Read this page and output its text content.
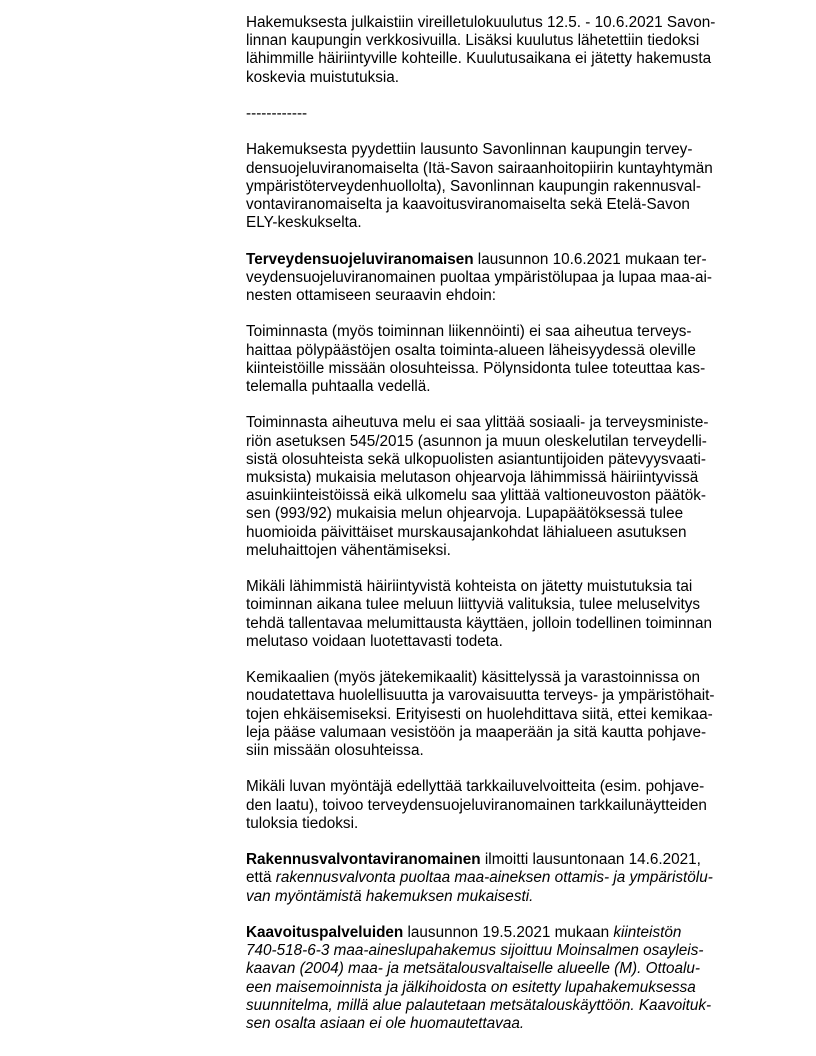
Hakemuksesta julkaistiin vireilletulokuulutus 12.5. - 10.6.2021 Savon-
linnan kaupungin verkkosivuilla. Lisäksi kuulutus lähetettiin tiedoksi
lähimmille häiriintyville kohteille. Kuulutusaikana ei jätetty hakemusta
koskevia muistutuksia.
------------
Hakemuksesta pyydettiin lausunto Savonlinnan kaupungin tervey-
densuojeluviranomaiselta (Itä-Savon sairaanhoitopiirin kuntayhtymän
ympäristöterveydenhuollolta), Savonlinnan kaupungin rakennusval-
vontaviranomaiselta ja kaavoitusviranomaiselta sekä Etelä-Savon
ELY-keskukselta.
Terveydensuojeluviranomaisen lausunnon 10.6.2021 mukaan ter-
veydensuojeluviranomainen puoltaa ympäristölupaa ja lupaa maa-ai-
nesten ottamiseen seuraavin ehdoin:
Toiminnasta (myös toiminnan liikennöinti) ei saa aiheutua terveys-
haittaa pölypäästöjen osalta toiminta-alueen läheisyydessä oleville
kiinteistöille missään olosuhteissa. Pölynsidonta tulee toteuttaa kas-
telemalla puhtaalla vedellä.
Toiminnasta aiheutuva melu ei saa ylittää sosiaali- ja terveysministe-
riön asetuksen 545/2015 (asunnon ja muun oleskelutilan terveydelli-
sistä olosuhteista sekä ulkopuolisten asiantuntijoiden pätevyysvaati-
muksista) mukaisia melutason ohjearvoja lähimmissä häiriintyvissä
asuinkiinteistöissä eikä ulkomelu saa ylittää valtioneuvoston päätök-
sen (993/92) mukaisia melun ohjearvoja. Lupapäätöksessä tulee
huomioida päivittäiset murskausajankohdat lähialueen asutuksen
meluhaittojen vähentämiseksi.
Mikäli lähimmistä häiriintyvistä kohteista on jätetty muistutuksia tai
toiminnan aikana tulee meluun liittyviä valituksia, tulee meluselvitys
tehdä tallentavaa melumittausta käyttäen, jolloin todellinen toiminnan
melutaso voidaan luotettavasti todeta.
Kemikaalien (myös jätekemikaalit) käsittelyssä ja varastoinnissa on
noudatettava huolellisuutta ja varovaisuutta terveys- ja ympäristöhait-
tojen ehkäisemiseksi. Erityisesti on huolehdittava siitä, ettei kemikaa-
leja pääse valumaan vesistöön ja maaperään ja sitä kautta pohjave-
siin missään olosuhteissa.
Mikäli luvan myöntäjä edellyttää tarkkailuvelvoitteita (esim. pohjave-
den laatu), toivoo terveydensuojeluviranomainen tarkkailunäytteiden
tuloksia tiedoksi.
Rakennusvalvontaviranomainen ilmoitti lausuntonaan 14.6.2021,
että rakennusvalvonta puoltaa maa-aineksen ottamis- ja ympäristölu-
van myöntämistä hakemuksen mukaisesti.
Kaavoituspalveluiden lausunnon 19.5.2021 mukaan kiinteistön
740-518-6-3 maa-aineslupahakemus sijoittuu Moinsalmen osayleis-
kaavan (2004) maa- ja metsätalousvaltaiselle alueelle (M). Ottoalu-
een maisemoinnista ja jälkihoidosta on esitetty lupahakemuksessa
suunnitelma, millä alue palautetaan metsätalouskäyttöön. Kaavoituk-
sen osalta asiaan ei ole huomautettavaa.
